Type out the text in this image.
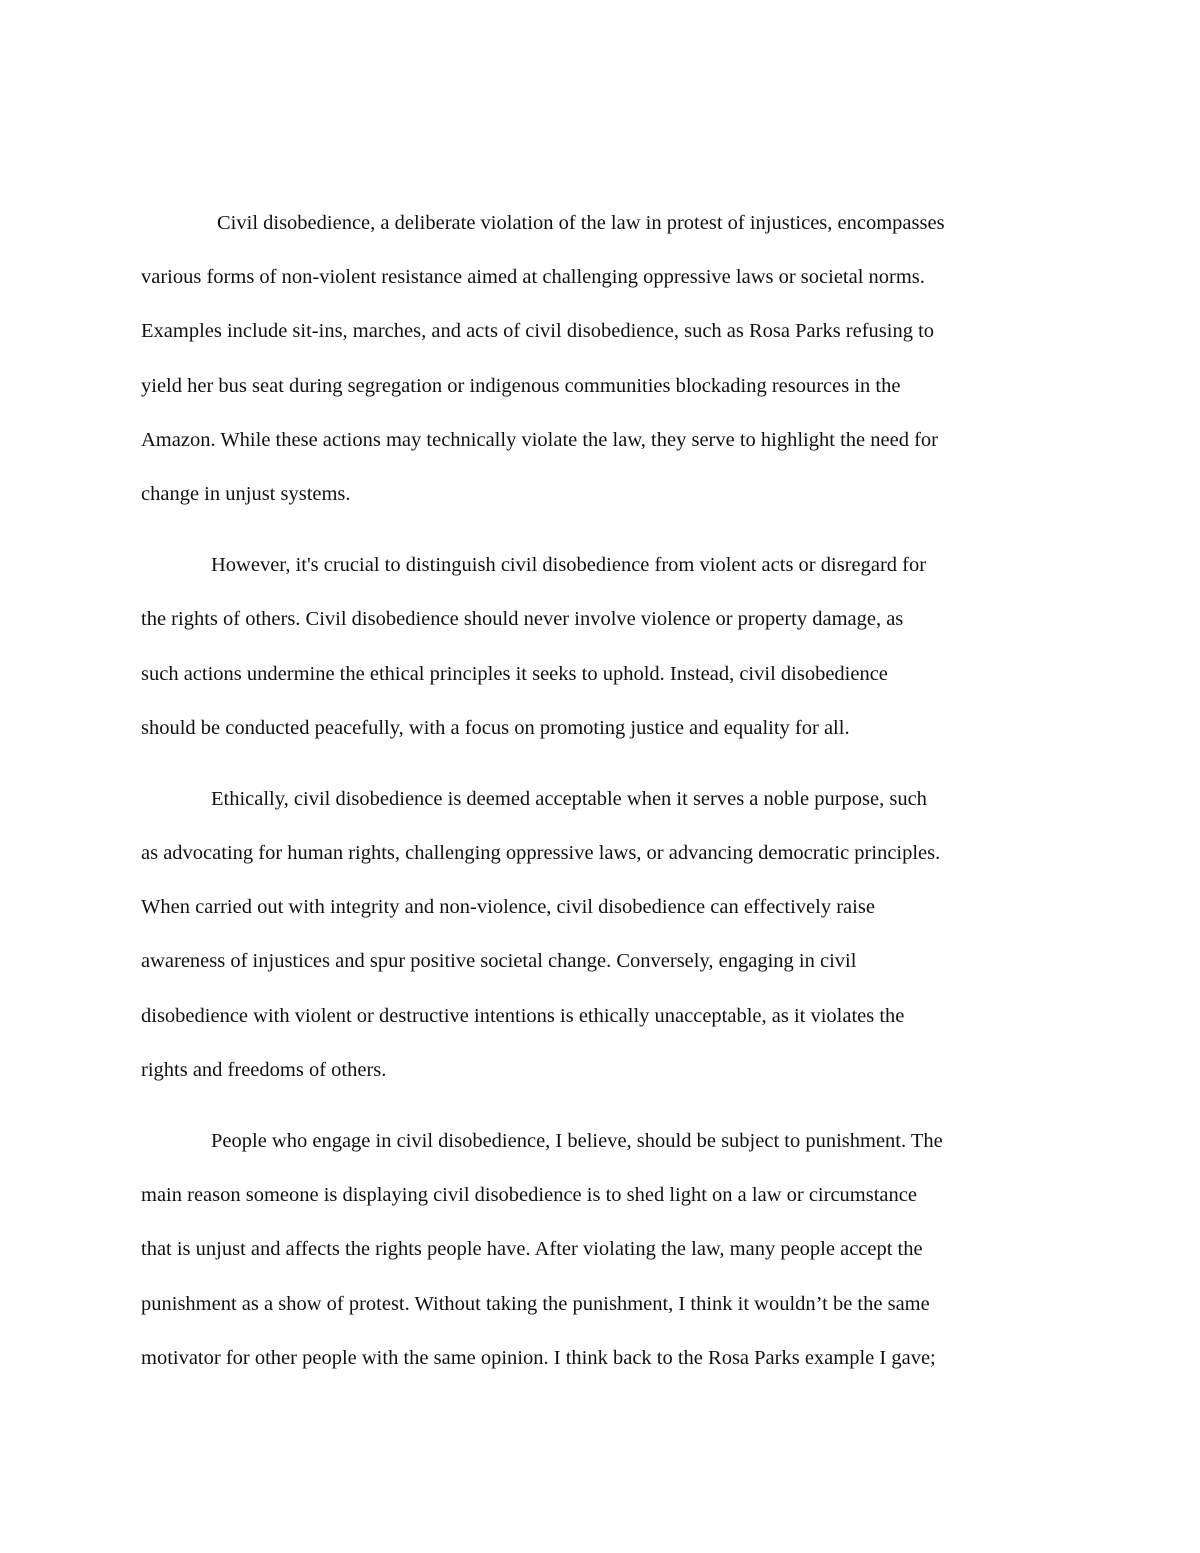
Civil disobedience, a deliberate violation of the law in protest of injustices, encompasses
various forms of non-violent resistance aimed at challenging oppressive laws or societal norms.
Examples include sit-ins, marches, and acts of civil disobedience, such as Rosa Parks refusing to
yield her bus seat during segregation or indigenous communities blockading resources in the
Amazon. While these actions may technically violate the law, they serve to highlight the need for
change in unjust systems.
However, it's crucial to distinguish civil disobedience from violent acts or disregard for
the rights of others. Civil disobedience should never involve violence or property damage, as
such actions undermine the ethical principles it seeks to uphold. Instead, civil disobedience
should be conducted peacefully, with a focus on promoting justice and equality for all.
Ethically, civil disobedience is deemed acceptable when it serves a noble purpose, such
as advocating for human rights, challenging oppressive laws, or advancing democratic principles.
When carried out with integrity and non-violence, civil disobedience can effectively raise
awareness of injustices and spur positive societal change. Conversely, engaging in civil
disobedience with violent or destructive intentions is ethically unacceptable, as it violates the
rights and freedoms of others.
People who engage in civil disobedience, I believe, should be subject to punishment. The
main reason someone is displaying civil disobedience is to shed light on a law or circumstance
that is unjust and affects the rights people have. After violating the law, many people accept the
punishment as a show of protest. Without taking the punishment, I think it wouldn’t be the same
motivator for other people with the same opinion. I think back to the Rosa Parks example I gave;
